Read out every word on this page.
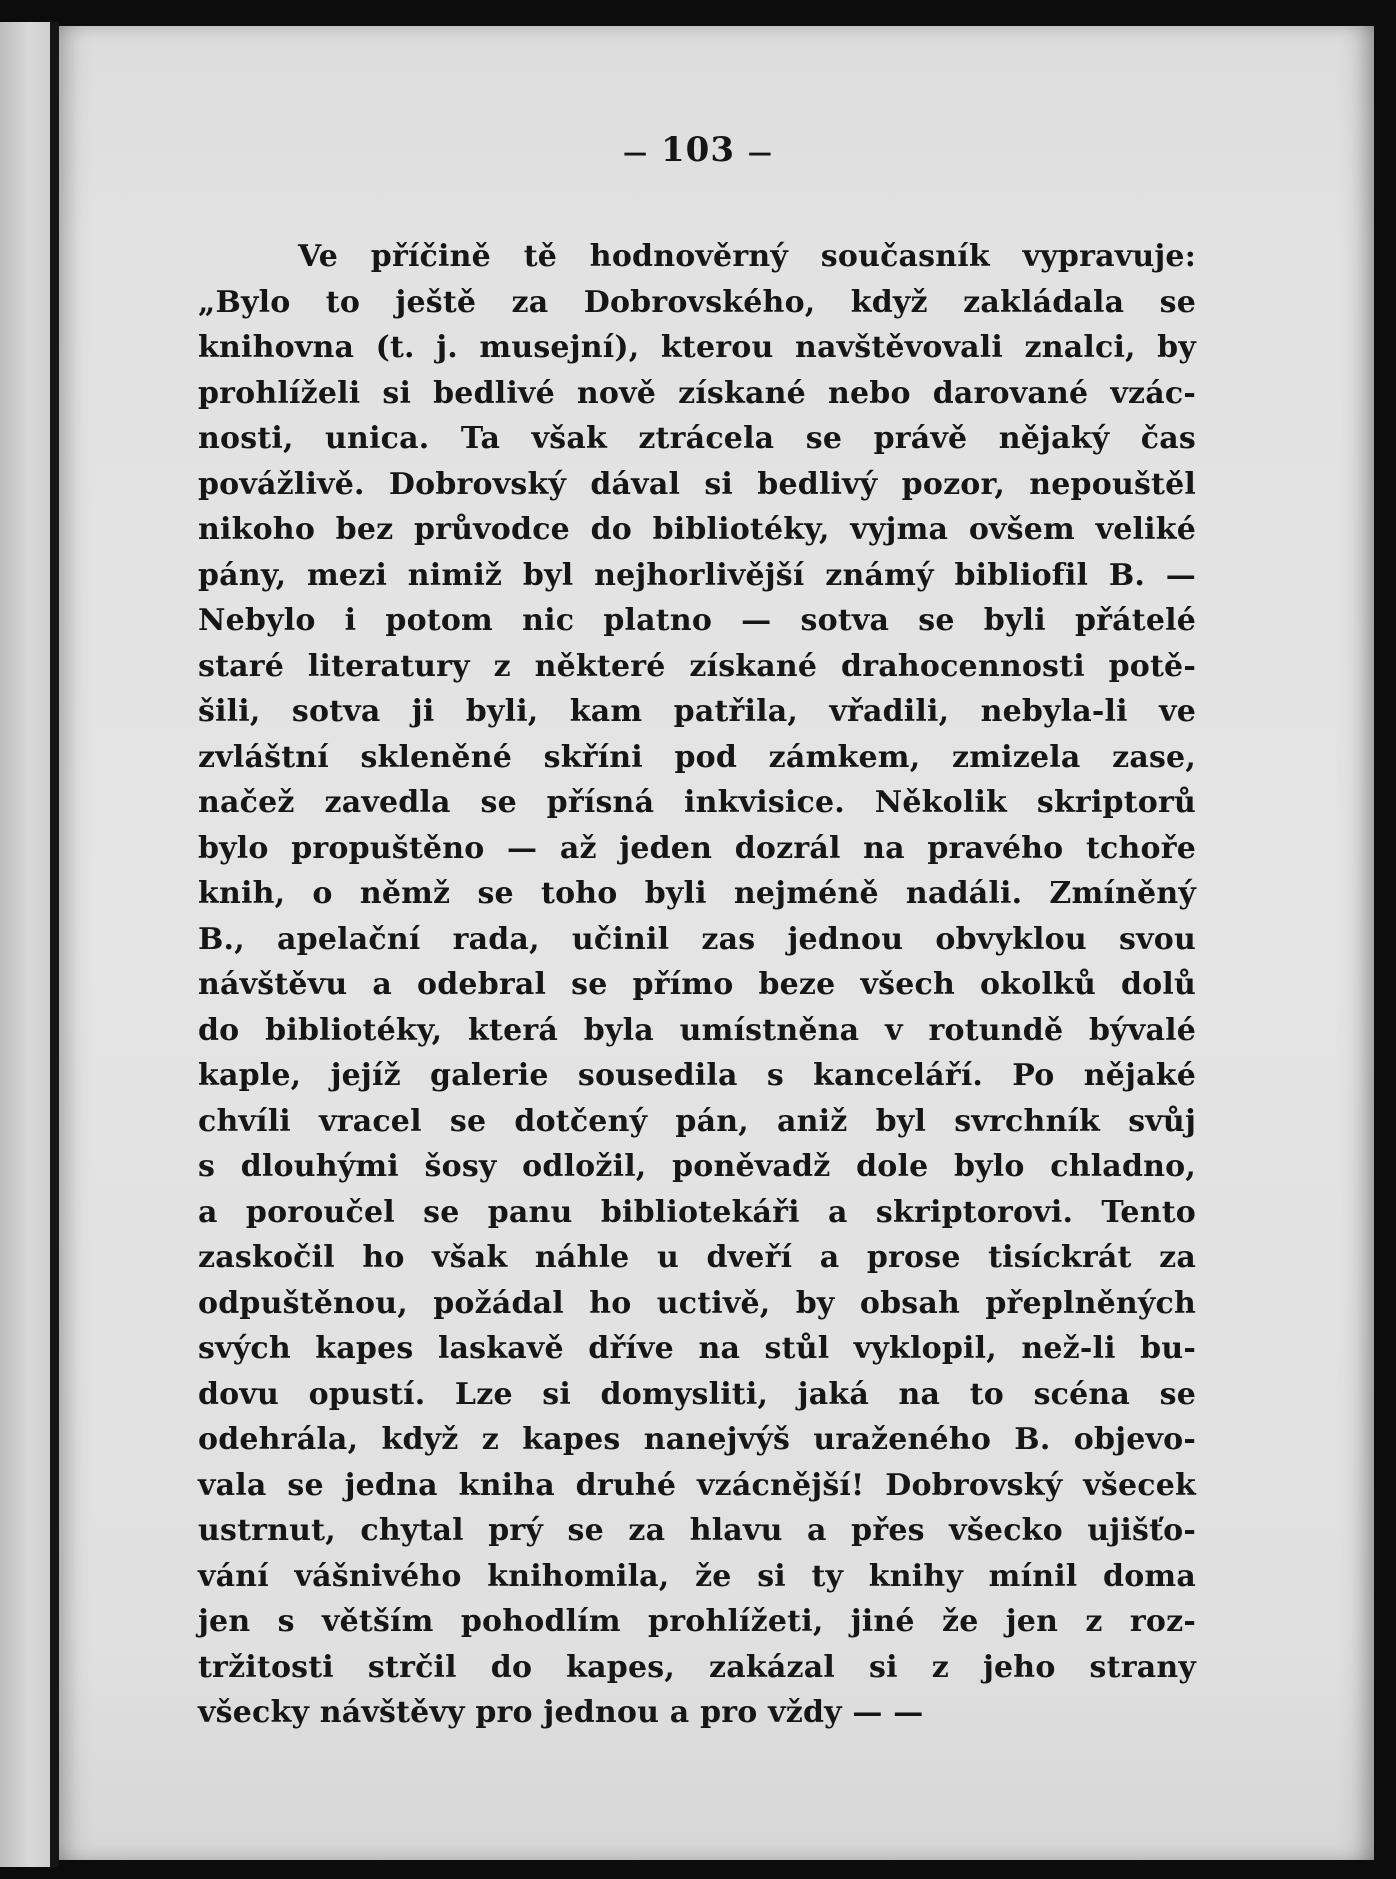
— 103 —
Ve příčině tě hodnověrný současník vypravuje:
„Bylo to ještě za Dobrovského, když zakládala se
knihovna (t. j. musejní), kterou navštěvovali znalci, by
prohlíželi si bedlivé nově získané nebo darované vzác-
nosti, unica. Ta však ztrácela se právě nějaký čas
povážlivě. Dobrovský dával si bedlivý pozor, nepouštěl
nikoho bez průvodce do bibliotéky, vyjma ovšem veliké
pány, mezi nimiž byl nejhorlivější známý bibliofil B. —
Nebylo i potom nic platno — sotva se byli přátelé
staré literatury z některé získané drahocennosti potě-
šili, sotva ji byli, kam patřila, vřadili, nebyla-li ve
zvláštní skleněné skříni pod zámkem, zmizela zase,
načež zavedla se přísná inkvisice. Několik skriptorů
bylo propuštěno — až jeden dozrál na pravého tchoře
knih, o němž se toho byli nejméně nadáli. Zmíněný
B., apelační rada, učinil zas jednou obvyklou svou
návštěvu a odebral se přímo beze všech okolků dolů
do bibliotéky, která byla umístněna v rotundě bývalé
kaple, jejíž galerie sousedila s kanceláří. Po nějaké
chvíli vracel se dotčený pán, aniž byl svrchník svůj
s dlouhými šosy odložil, poněvadž dole bylo chladno,
a poroučel se panu bibliotekáři a skriptorovi. Tento
zaskočil ho však náhle u dveří a prose tisíckrát za
odpuštěnou, požádal ho uctivě, by obsah přeplněných
svých kapes laskavě dříve na stůl vyklopil, než-li bu-
dovu opustí. Lze si domysliti, jaká na to scéna se
odehrála, když z kapes nanejvýš uraženého B. objevo-
vala se jedna kniha druhé vzácnější! Dobrovský všecek
ustrnut, chytal prý se za hlavu a přes všecko ujišťo-
vání vášnivého knihomila, že si ty knihy mínil doma
jen s větším pohodlím prohlížeti, jiné že jen z roz-
tržitosti strčil do kapes, zakázal si z jeho strany
všecky návštěvy pro jednou a pro vždy — —
